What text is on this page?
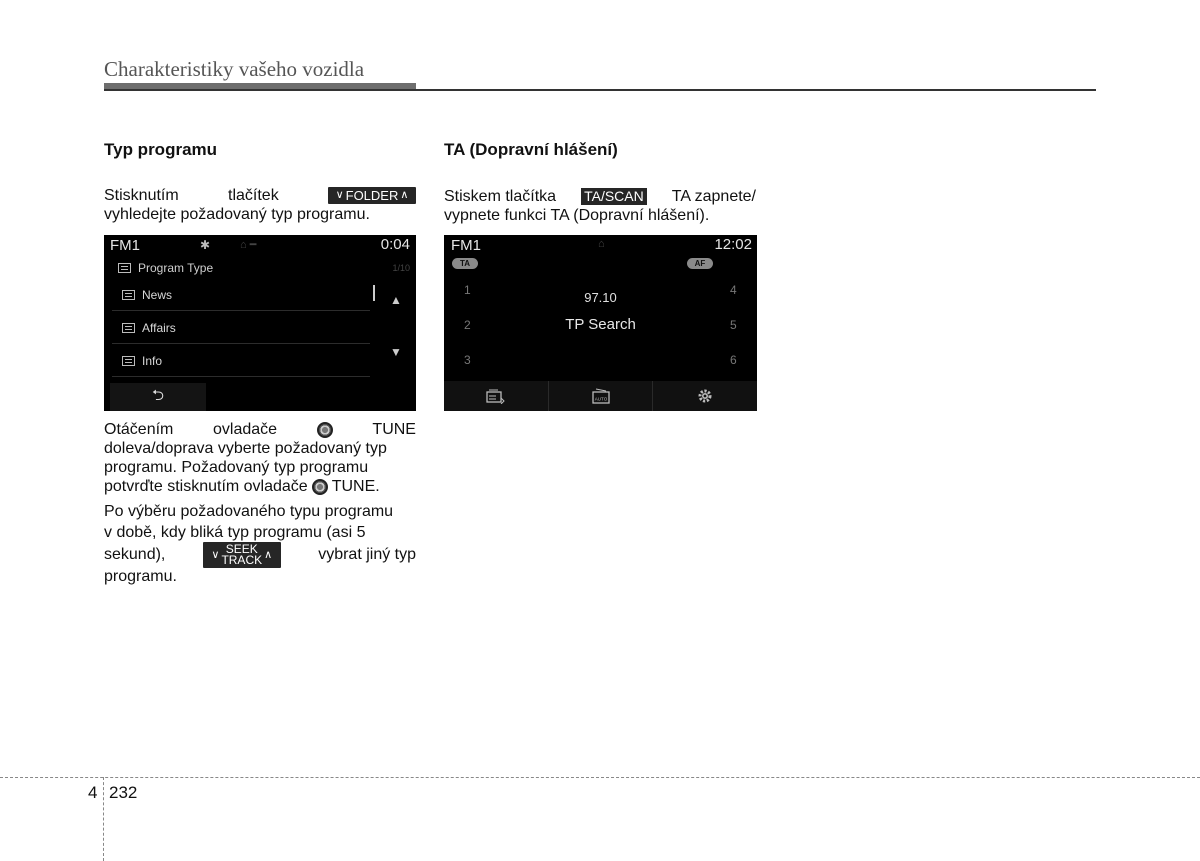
Charakteristiky vašeho vozidla
Typ programu
Stisknutím	tlačítek	∨ FOLDER ∧
vyhledejte požadovaný typ programu.
FM1	✱	⌂ ━	0:04
Program Type	1/10
News
Affairs
Info
▲
▼
⮌
Otáčením ovladače	TUNE
doleva/doprava vyberte požadovaný typ
programu. Požadovaný typ programu
potvrďte stisknutím ovladače TUNE.
Po výběru požadovaného typu programu
v době, kdy bliká typ programu (asi 5
sekund),	∨ SEEK
TRACK ∧	vybrat jiný typ
programu.
TA (Dopravní hlášení)
Stiskem tlačítka TA/SCAN TA zapnete/
vypnete funkci TA (Dopravní hlášení).
FM1	⌂	12:02
TA	AF
1
2
3
4
5
6
97.10
TP Search
AUTO
4 232
